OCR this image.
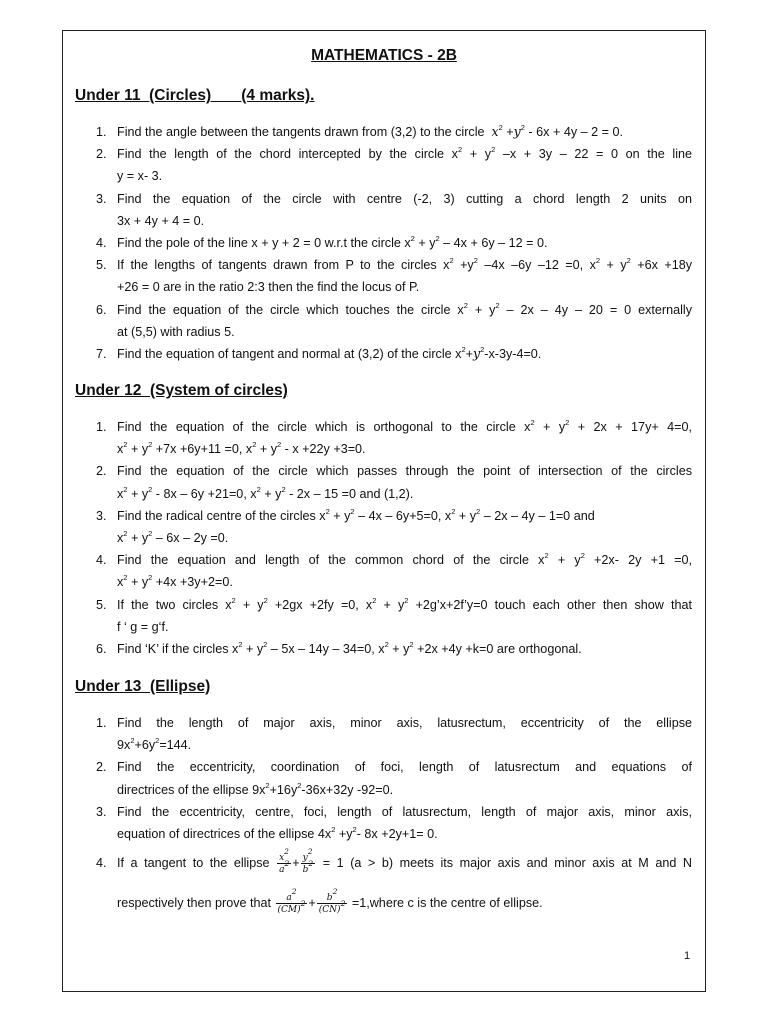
MATHEMATICS - 2B
Under 11  (Circles)       (4 marks).
1. Find the angle between the tangents drawn from (3,2) to the circle $x^2 +y^2 - 6x + 4y - 2 = 0$.
2. Find the length of the chord intercepted by the circle $x^2 + y^2$ –x + 3y – 22 = 0 on the line
y = x- 3.
3. Find the equation of the circle with centre (-2, 3) cutting a chord length 2 units on
3x + 4y + 4 = 0.
4. Find the pole of the line x + y + 2 = 0 w.r.t the circle $x^2 + y^2 - 4x + 6y - 12 = 0$.
5. If the lengths of tangents drawn from P to the circles $x^2 +y^2$ –4x –6y –12 =0, $x^2 + y^2 +6x +18y$
+26 = 0 are in the ratio 2:3 then the find the locus of P.
6. Find the equation of the circle which touches the circle $x^2 + y^2 - 2x - 4y - 20 = 0$ externally
at (5,5) with radius 5.
7. Find the equation of tangent and normal at (3,2) of the circle $x^2+y^2-x-3y-4=0$.
Under 12  (System of circles)
1. Find the equation of the circle which is orthogonal to the circle $x^2 + y^2 + 2x + 17y+ 4=0$,
$x^2 + y^2 +7x +6y+11 =0$, $x^2 + y^2 - x +22y +3=0$.
2. Find the equation of the circle which passes through the point of intersection of the circles
$x^2 + y^2 - 8x - 6y +21=0$, $x^2 + y^2 - 2x - 15 =0$ and (1,2).
3. Find the radical centre of the circles $x^2 + y^2 - 4x - 6y+5=0$, $x^2 + y^2 - 2x - 4y - 1=0$ and
$x^2 + y^2 - 6x - 2y =0$.
4. Find the equation and length of the common chord of the circle $x^2 + y^2 +2x-$ 2y +1 =0,
$x^2 + y^2 +4x +3y+2=0$.
5. If the two circles $x^2 + y^2 +2gx +2fy =0$, $x^2 + y^2$ +2g’x+2f’y=0 touch each other then show that
f ‘ g = g‘f.
6. Find ‘K’ if the circles $x^2 + y^2 - 5x - 14y - 34=0$, $x^2 + y^2 +2x +4y +k=0$ are orthogonal.
Under 13  (Ellipse)
1. Find the length of major axis, minor axis, latusrectum, eccentricity of the ellipse
$9x^2+6y^2=144$.
2. Find the eccentricity, coordination of foci, length of latusrectum and equations of
directrices of the ellipse $9x^2+16y^2-36x+32y$ -92=0.
3. Find the eccentricity, centre, foci, length of latusrectum, length of major axis, minor axis,
equation of directrices of the ellipse $4x^2 +y^2-$ 8x +2y+1= 0.
4. If a tangent to the ellipse $\frac{x^2}{a^2} + \frac{y^2}{b^2} = 1$ (a > b) meets its major axis and minor axis at M and N
respectively then prove that $\frac{a^2}{(CM)^2} + \frac{b^2}{(CN)^2}$ =1,where c is the centre of ellipse.
1
